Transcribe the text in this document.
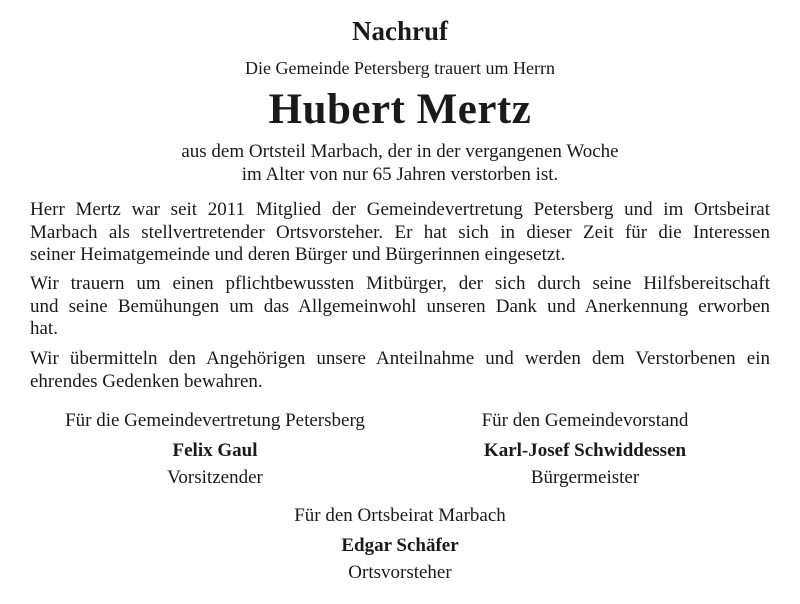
Nachruf
Die Gemeinde Petersberg trauert um Herrn
Hubert Mertz
aus dem Ortsteil Marbach, der in der vergangenen Woche
im Alter von nur 65 Jahren verstorben ist.
Herr Mertz war seit 2011 Mitglied der Gemeindevertretung Petersberg und im Ortsbeirat
Marbach als stellvertretender Ortsvorsteher. Er hat sich in dieser Zeit für die Interessen
seiner Heimatgemeinde und deren Bürger und Bürgerinnen eingesetzt.
Wir trauern um einen pflichtbewussten Mitbürger, der sich durch seine Hilfsbereitschaft
und seine Bemühungen um das Allgemeinwohl unseren Dank und Anerkennung erworben
hat.
Wir übermitteln den Angehörigen unsere Anteilnahme und werden dem Verstorbenen ein
ehrendes Gedenken bewahren.
Für die Gemeindevertretung Petersberg
Felix Gaul
Vorsitzender
Für den Gemeindevorstand
Karl-Josef Schwiddessen
Bürgermeister
Für den Ortsbeirat Marbach
Edgar Schäfer
Ortsvorsteher
